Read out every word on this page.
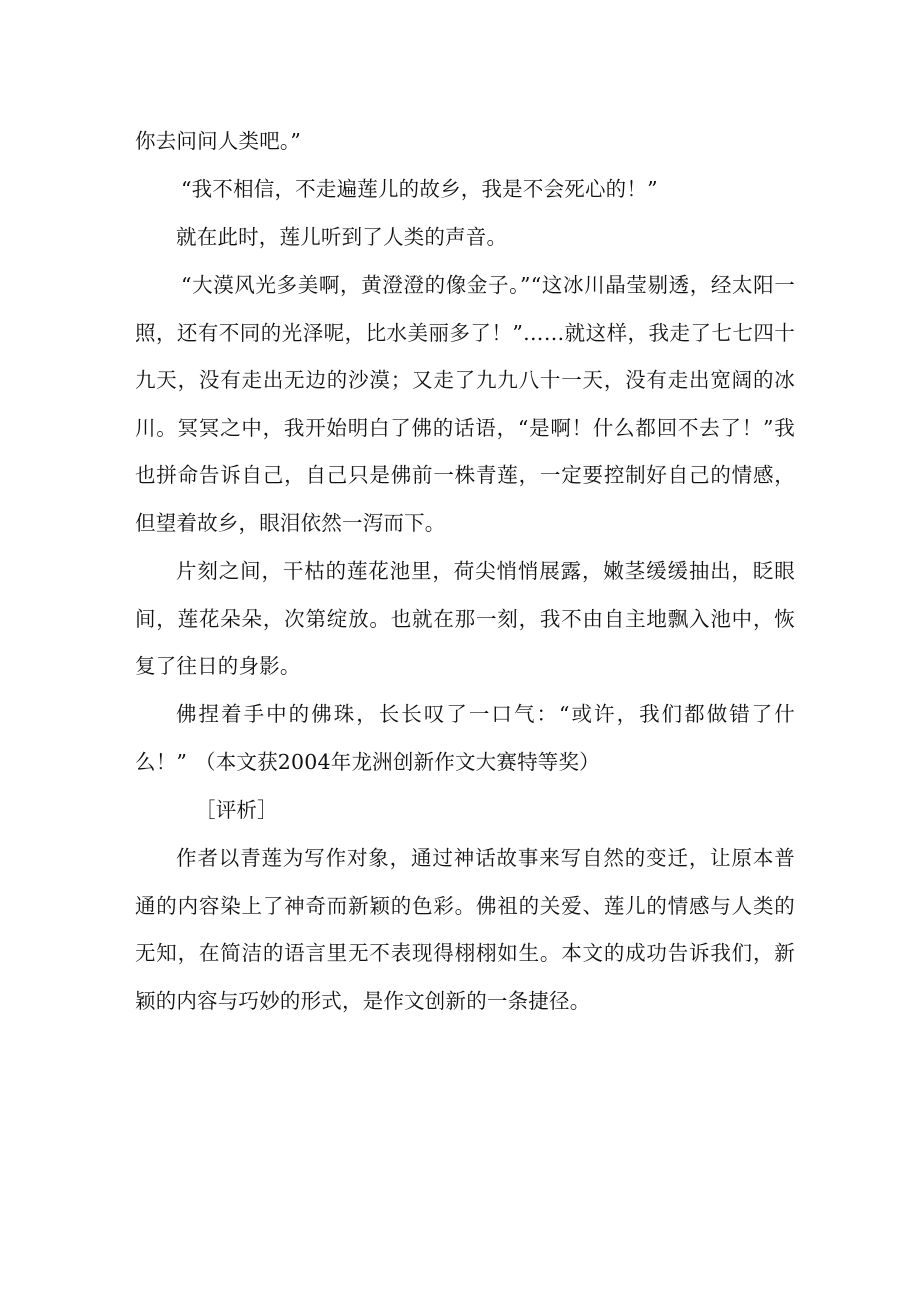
你去问问人类吧。”

“我不相信，不走遍莲儿的故乡，我是不会死心的！”

就在此时，莲儿听到了人类的声音。

“大漠风光多美啊，黄澄澄的像金子。”“这冰川晶莹剔透，经太阳一照，还有不同的光泽呢，比水美丽多了！”……就这样，我走了七七四十九天，没有走出无边的沙漠；又走了九九八十一天，没有走出宽阔的冰川。冥冥之中，我开始明白了佛的话语，“是啊！什么都回不去了！”我也拼命告诉自己，自己只是佛前一株青莲，一定要控制好自己的情感，但望着故乡，眼泪依然一泻而下。

片刻之间，干枯的莲花池里，荷尖悄悄展露，嫩茎缓缓抽出，眨眼间，莲花朵朵，次第绽放。也就在那一刻，我不由自主地飘入池中，恢复了往日的身影。

佛捏着手中的佛珠，长长叹了一口气：“或许，我们都做错了什么！” （本文获2004年龙洲创新作文大赛特等奖）

［评析］

作者以青莲为写作对象，通过神话故事来写自然的变迁，让原本普通的内容染上了神奇而新颖的色彩。佛祖的关爱、莲儿的情感与人类的无知，在简洁的语言里无不表现得栩栩如生。本文的成功告诉我们，新颖的内容与巧妙的形式，是作文创新的一条捷径。
